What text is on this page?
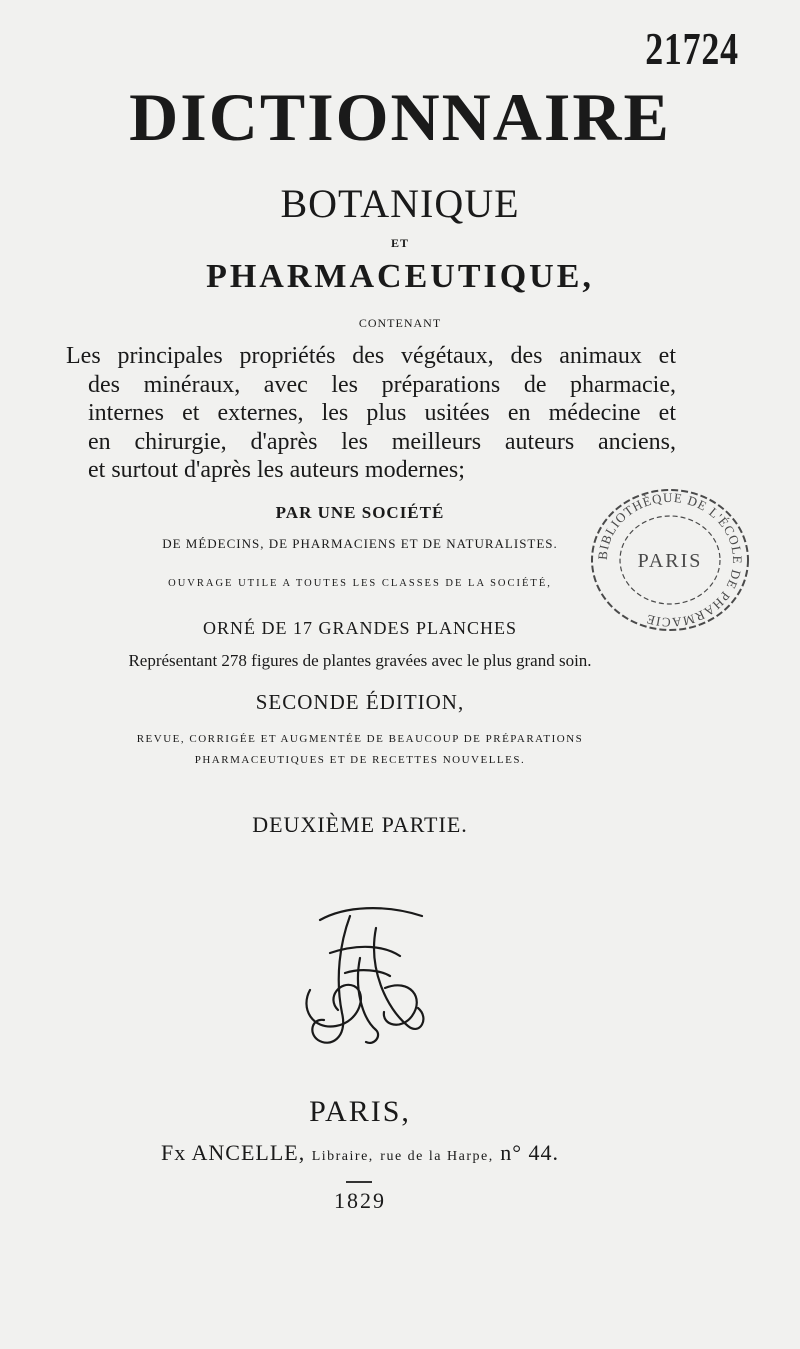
21724
DICTIONNAIRE
BOTANIQUE
ET
PHARMACEUTIQUE,
CONTENANT
Les principales propriétés des végétaux, des animaux et
des minéraux, avec les préparations de pharmacie,
internes et externes, les plus usitées en médecine et
en chirurgie, d'après les meilleurs auteurs anciens,
et surtout d'après les auteurs modernes;
PAR UNE SOCIÉTÉ
DE MÉDECINS, DE PHARMACIENS ET DE NATURALISTES.
OUVRAGE UTILE A TOUTES LES CLASSES DE LA SOCIÉTÉ,
ORNÉ DE 17 GRANDES PLANCHES
Représentant 278 figures de plantes gravées avec le plus grand soin.
SECONDE ÉDITION,
REVUE, CORRIGÉE ET AUGMENTÉE DE BEAUCOUP DE PRÉPARATIONS
PHARMACEUTIQUES ET DE RECETTES NOUVELLES.
DEUXIÈME PARTIE.
PARIS,
Fx ANCELLE, Libraire, rue de la Harpe, n° 44.
1829
BIBLIOTHÈQUE DE L'ÉCOLE DE PHARMACIE
PARIS
